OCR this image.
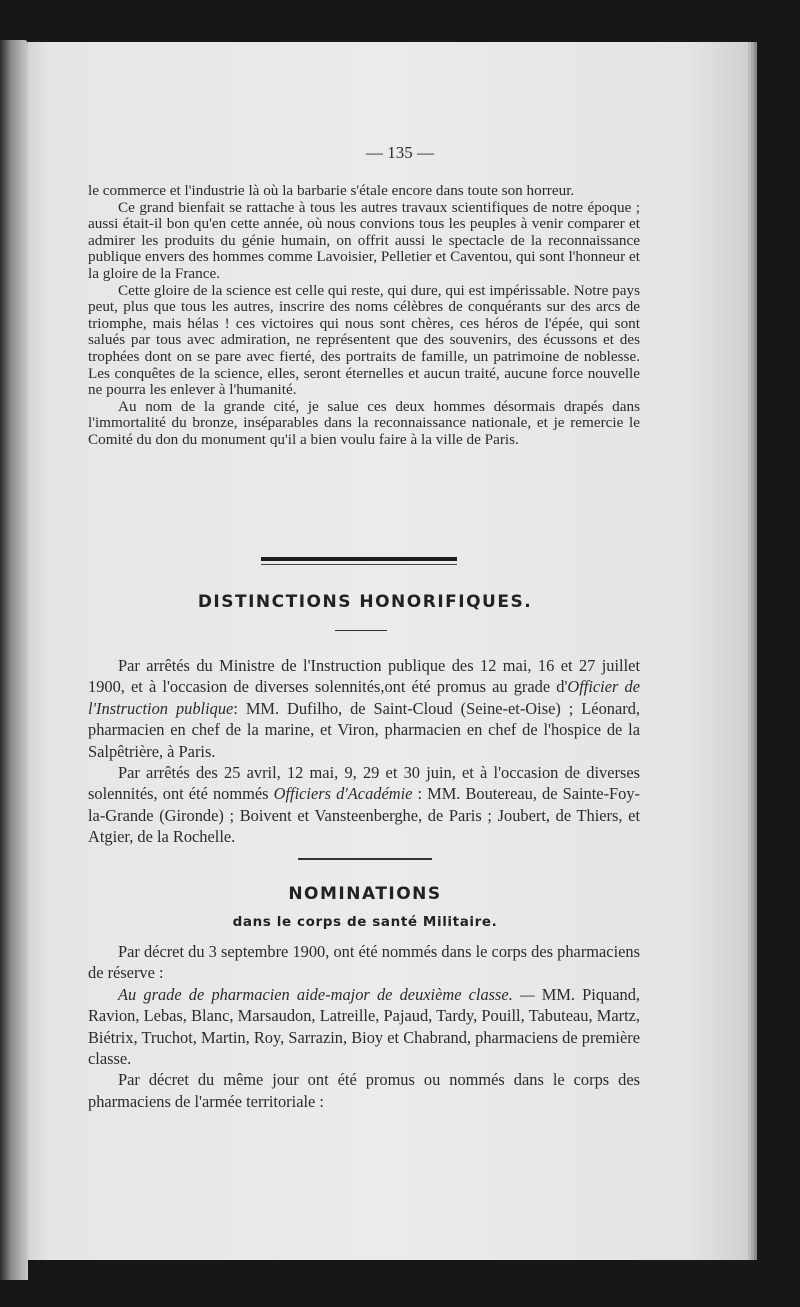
— 135 —

le commerce et l'industrie là où la barbarie s'étale encore dans toute son horreur.

Ce grand bienfait se rattache à tous les autres travaux scientifiques de notre époque ; aussi était-il bon qu'en cette année, où nous convions tous les peuples à venir comparer et admirer les produits du génie humain, on offrit aussi le spectacle de la reconnaissance publique envers des hommes comme Lavoisier, Pelletier et Caventou, qui sont l'honneur et la gloire de la France.

Cette gloire de la science est celle qui reste, qui dure, qui est impérissable. Notre pays peut, plus que tous les autres, inscrire des noms célèbres de conquérants sur des arcs de triomphe, mais hélas ! ces victoires qui nous sont chères, ces héros de l'épée, qui sont salués par tous avec admiration, ne représentent que des souvenirs, des écussons et des trophées dont on se pare avec fierté, des portraits de famille, un patrimoine de noblesse. Les conquêtes de la science, elles, seront éternelles et aucun traité, aucune force nouvelle ne pourra les enlever à l'humanité.

Au nom de la grande cité, je salue ces deux hommes désormais drapés dans l'immortalité du bronze, inséparables dans la reconnaissance nationale, et je remercie le Comité du don du monument qu'il a bien voulu faire à la ville de Paris.

DISTINCTIONS HONORIFIQUES.

Par arrêtés du Ministre de l'Instruction publique des 12 mai, 16 et 27 juillet 1900, et à l'occasion de diverses solennités,ont été promus au grade d'Officier de l'Instruction publique: MM. Dufilho, de Saint-Cloud (Seine-et-Oise) ; Léonard, pharmacien en chef de la marine, et Viron, pharmacien en chef de l'hospice de la Salpêtrière, à Paris.

Par arrêtés des 25 avril, 12 mai, 9, 29 et 30 juin, et à l'occasion de diverses solennités, ont été nommés Officiers d'Académie : MM. Boutereau, de Sainte-Foy-la-Grande (Gironde) ; Boivent et Vansteenberghe, de Paris ; Joubert, de Thiers, et Atgier, de la Rochelle.

NOMINATIONS
dans le corps de santé Militaire.

Par décret du 3 septembre 1900, ont été nommés dans le corps des pharmaciens de réserve :

Au grade de pharmacien aide-major de deuxième classe. — MM. Piquand, Ravion, Lebas, Blanc, Marsaudon, Latreille, Pajaud, Tardy, Pouill, Tabuteau, Martz, Biétrix, Truchot, Martin, Roy, Sarrazin, Bioy et Chabrand, pharmaciens de première classe.

Par décret du même jour ont été promus ou nommés dans le corps des pharmaciens de l'armée territoriale :
